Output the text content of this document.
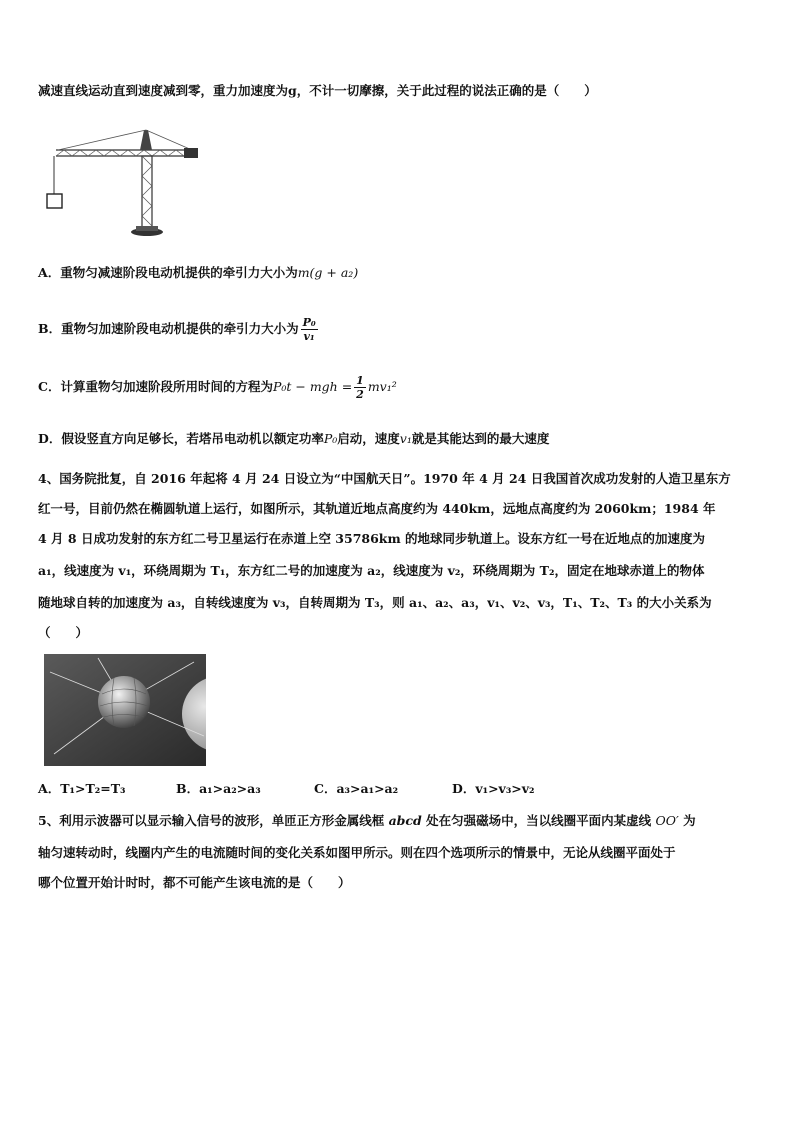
减速直线运动直到速度减到零，重力加速度为g，不计一切摩擦，关于此过程的说法正确的是（　　）
A．重物匀减速阶段电动机提供的牵引力大小为m(g + a₂)
B．重物匀加速阶段电动机提供的牵引力大小为 $\frac{\text{P₀}}{\text{v₁}}$
C．计算重物匀加速阶段所用时间的方程为P₀t − mgh = $\frac{1}{2} mv_1^2$
D．假设竖直方向足够长，若塔吊电动机以额定功率P₀启动，速度v₁就是其能达到的最大速度
4、国务院批复，自 2016 年起将 4 月 24 日设立为“中国航天日”。1970 年 4 月 24 日我国首次成功发射的人造卫星东方
红一号，目前仍然在椭圆轨道上运行，如图所示，其轨道近地点高度约为 440km，远地点高度约为 2060km；1984 年
4 月 8 日成功发射的东方红二号卫星运行在赤道上空 35786km 的地球同步轨道上。设东方红一号在近地点的加速度为
a₁，线速度为 v₁，环绕周期为 T₁，东方红二号的加速度为 a₂，线速度为 v₂，环绕周期为 T₂，固定在地球赤道上的物体
随地球自转的加速度为 a₃，自转线速度为 v₃，自转周期为 T₃，则 a₁、a₂、a₃，v₁、v₂、v₃，T₁、T₂、T₃ 的大小关系为
（　　）
A．T₁>T₂=T₃	B．a₁>a₂>a₃	C．a₃>a₁>a₂	D．v₁>v₃>v₂
5、利用示波器可以显示输入信号的波形，单匝正方形金属线框 abcd 处在匀强磁场中，当以线圈平面内某虚线 OO′ 为
轴匀速转动时，线圈内产生的电流随时间的变化关系如图甲所示。则在四个选项所示的情景中，无论从线圈平面处于
哪个位置开始计时时，都不可能产生该电流的是（　　）
